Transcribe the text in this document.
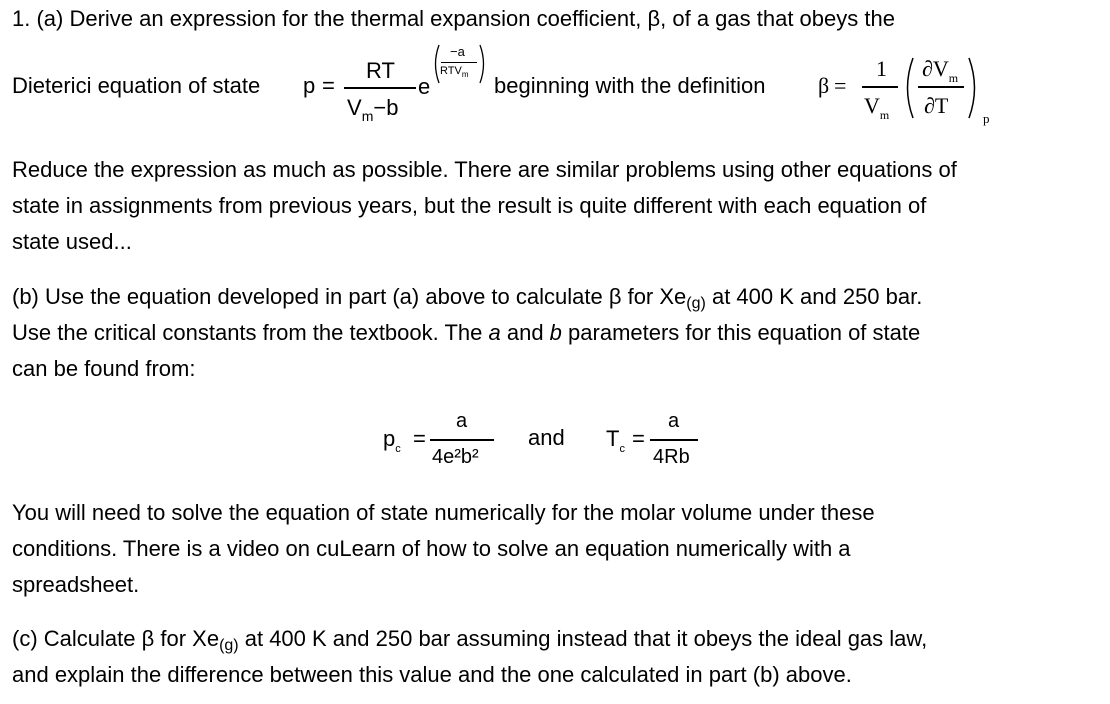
1. (a) Derive an expression for the thermal expansion coefficient, β, of a gas that obeys the
Dieterici equation of state p =
RT
$V_m-b$
e
−a
$RTV_m$ beginning with the definition β =
1
$V_m$
$\partial V_m$
∂T
p
Reduce the expression as much as possible. There are similar problems using other equations of
state in assignments from previous years, but the result is quite different with each equation of
state used...
(b) Use the equation developed in part (a) above to calculate β for Xe(g) at 400 K and 250 bar.
Use the critical constants from the textbook. The a and b parameters for this equation of state
can be found from:
$p_c$ =
a
4e²b²
and $T_c$ =
a
4Rb
You will need to solve the equation of state numerically for the molar volume under these
conditions. There is a video on cuLearn of how to solve an equation numerically with a
spreadsheet.
(c) Calculate β for Xe(g) at 400 K and 250 bar assuming instead that it obeys the ideal gas law,
and explain the difference between this value and the one calculated in part (b) above.
